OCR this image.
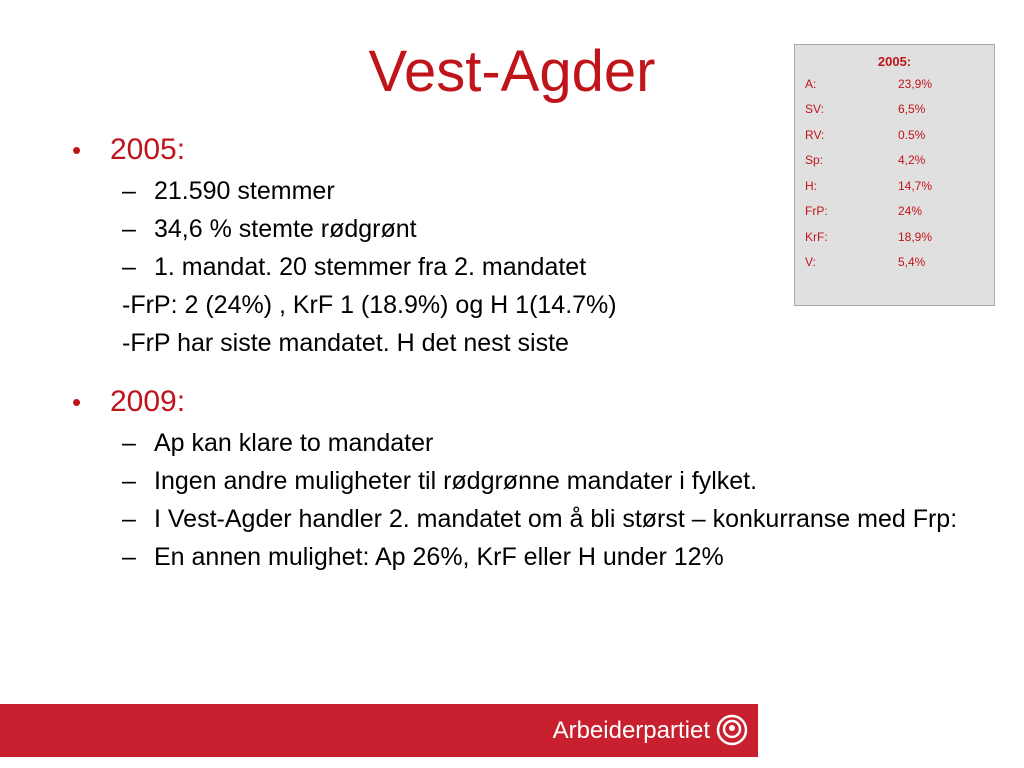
Vest-Agder
• 2005:
– 21.590 stemmer
– 34,6 % stemte rødgrønt
– 1. mandat. 20 stemmer fra 2. mandatet
-FrP: 2 (24%) , KrF 1 (18.9%) og H 1(14.7%)
-FrP har siste mandatet. H det nest siste
• 2009:
– Ap kan klare to mandater
– Ingen andre muligheter til rødgrønne mandater i fylket.
– I Vest-Agder handler 2. mandatet om å bli størst – konkurranse med Frp:
– En annen mulighet: Ap 26%, KrF eller H under 12%
2005:
A:	23,9%
SV:	6,5%
RV:	0.5%
Sp:	4,2%
H:	14,7%
FrP:	24%
KrF:	18,9%
V:	5,4%
Arbeiderpartiet
